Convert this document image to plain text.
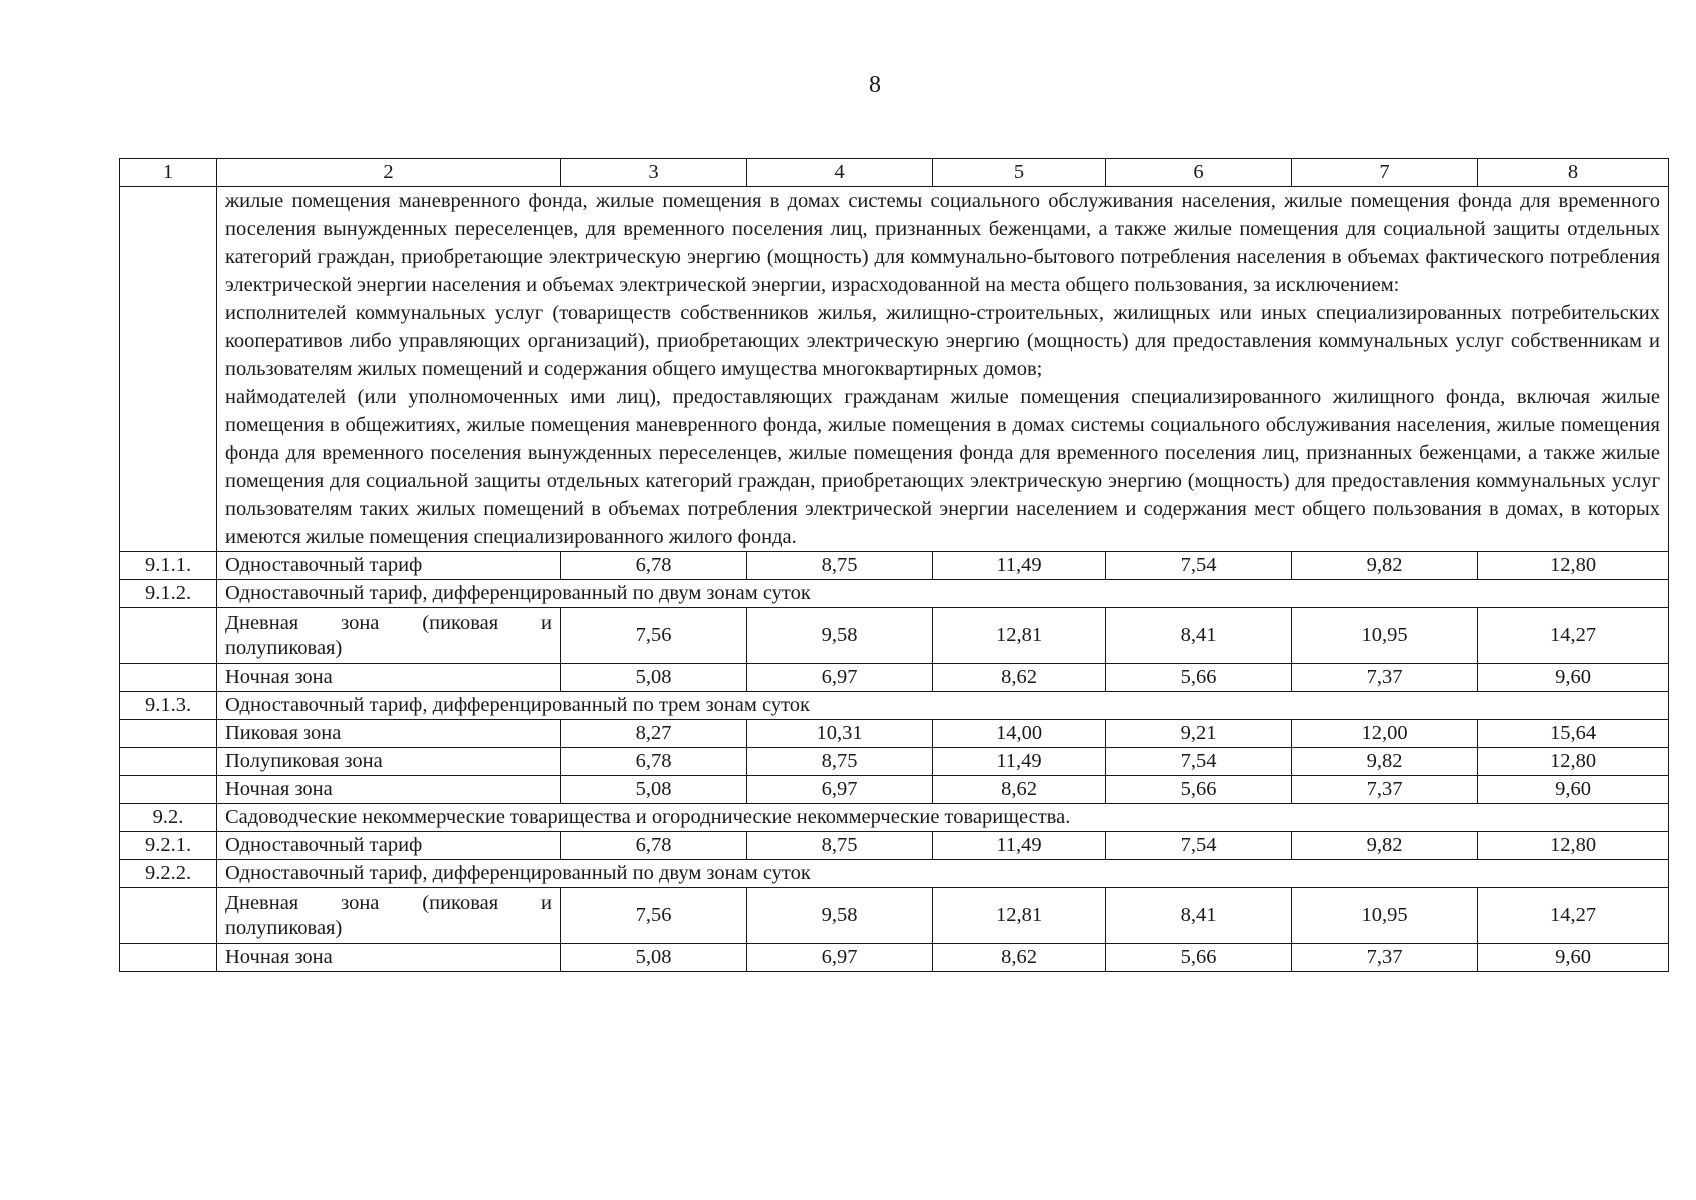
8
1	2	3	4	5	6	7	8

	жилые помещения маневренного фонда, жилые помещения в домах системы социального обслуживания населения, жилые помещения фонда для временного поселения вынужденных переселенцев, для временного поселения лиц, признанных беженцами, а также жилые помещения для социальной защиты отдельных категорий граждан, приобретающие электрическую энергию (мощность) для коммунально-бытового потребления населения в объемах фактического потребления электрической энергии населения и объемах электрической энергии, израсходованной на места общего пользования, за исключением:

исполнителей коммунальных услуг (товариществ собственников жилья, жилищно-строительных, жилищных или иных специализированных потребительских кооперативов либо управляющих организаций), приобретающих электрическую энергию (мощность) для предоставления коммунальных услуг собственникам и пользователям жилых помещений и содержания общего имущества многоквартирных домов;

наймодателей (или уполномоченных ими лиц), предоставляющих гражданам жилые помещения специализированного жилищного фонда, включая жилые помещения в общежитиях, жилые помещения маневренного фонда, жилые помещения в домах системы социального обслуживания населения, жилые помещения фонда для временного поселения вынужденных переселенцев, жилые помещения фонда для временного поселения лиц, признанных беженцами, а также жилые помещения для социальной защиты отдельных категорий граждан, приобретающих электрическую энергию (мощность) для предоставления коммунальных услуг пользователям таких жилых помещений в объемах потребления электрической энергии населением и содержания мест общего пользования в домах, в которых имеются жилые помещения специализированного жилого фонда.						

9.1.1.	Одноставочный тариф	6,78	8,75	11,49	7,54	9,82	12,80
9.1.2.	Одноставочный тариф, дифференцированный по двум зонам суток						
	Дневная зона (пиковая и полупиковая)	7,56	9,58	12,81	8,41	10,95	14,27
	Ночная зона	5,08	6,97	8,62	5,66	7,37	9,60
9.1.3.	Одноставочный тариф, дифференцированный по трем зонам суток						
	Пиковая зона	8,27	10,31	14,00	9,21	12,00	15,64
	Полупиковая зона	6,78	8,75	11,49	7,54	9,82	12,80
	Ночная зона	5,08	6,97	8,62	5,66	7,37	9,60
9.2.	Садоводческие некоммерческие товарищества и огороднические некоммерческие товарищества.						
9.2.1.	Одноставочный тариф	6,78	8,75	11,49	7,54	9,82	12,80
9.2.2.	Одноставочный тариф, дифференцированный по двум зонам суток						
	Дневная зона (пиковая и полупиковая)	7,56	9,58	12,81	8,41	10,95	14,27
	Ночная зона	5,08	6,97	8,62	5,66	7,37	9,60
